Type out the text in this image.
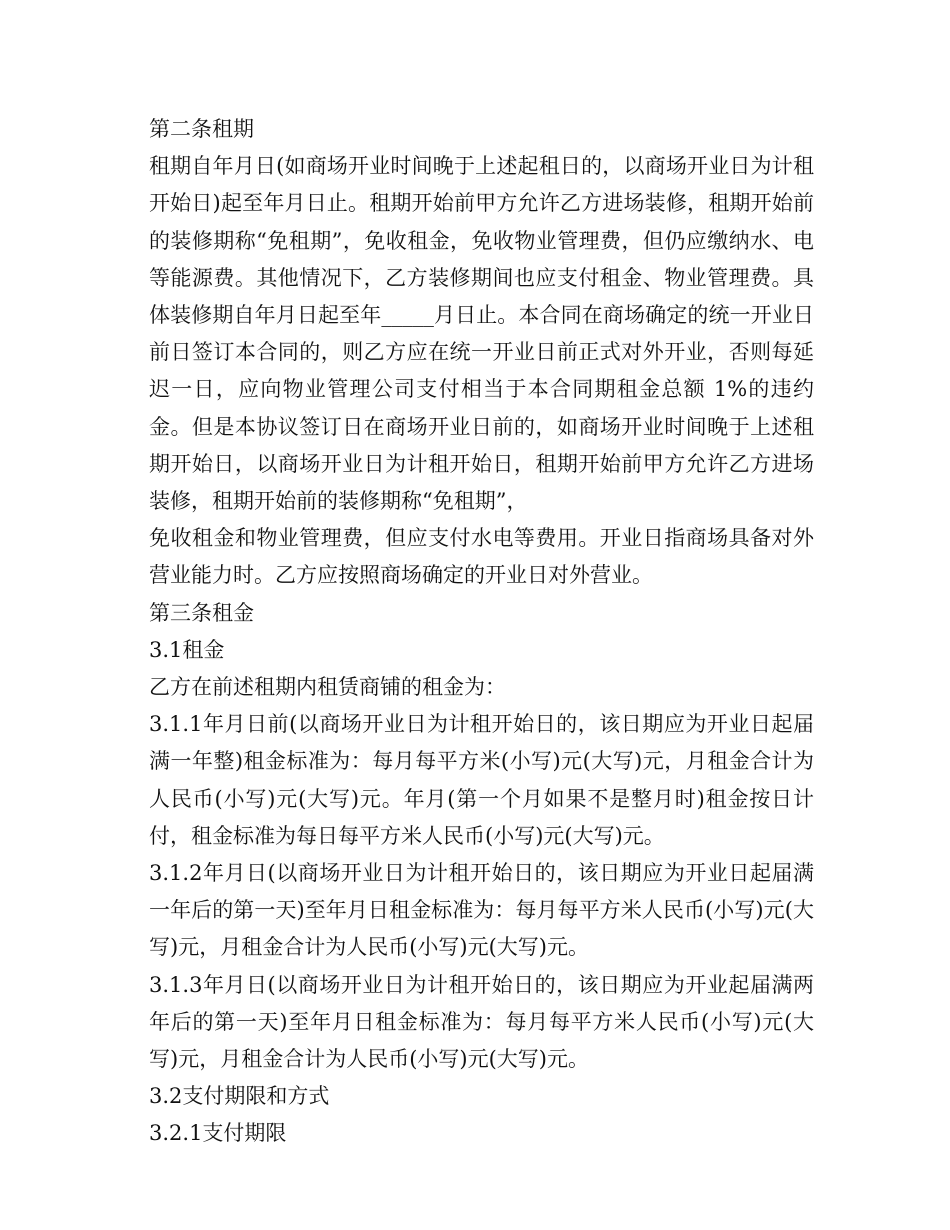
第二条租期

租期自年月日(如商场开业时间晚于上述起租日的，以商场开业日为计租开始日)起至年月日止。租期开始前甲方允许乙方进场装修，租期开始前的装修期称“免租期”，免收租金，免收物业管理费，但仍应缴纳水、电等能源费。其他情况下，乙方装修期间也应支付租金、物业管理费。具体装修期自年月日起至年_____月日止。本合同在商场确定的统一开业日前日签订本合同的，则乙方应在统一开业日前正式对外开业，否则每延迟一日，应向物业管理公司支付相当于本合同期租金总额 1%的违约金。但是本协议签订日在商场开业日前的，如商场开业时间晚于上述租期开始日，以商场开业日为计租开始日，租期开始前甲方允许乙方进场装修，租期开始前的装修期称“免租期”，

免收租金和物业管理费，但应支付水电等费用。开业日指商场具备对外营业能力时。乙方应按照商场确定的开业日对外营业。

第三条租金

3.1租金

乙方在前述租期内租赁商铺的租金为：

3.1.1年月日前(以商场开业日为计租开始日的，该日期应为开业日起届满一年整)租金标准为：每月每平方米(小写)元(大写)元，月租金合计为人民币(小写)元(大写)元。年月(第一个月如果不是整月时)租金按日计付，租金标准为每日每平方米人民币(小写)元(大写)元。

3.1.2年月日(以商场开业日为计租开始日的，该日期应为开业日起届满一年后的第一天)至年月日租金标准为：每月每平方米人民币(小写)元(大写)元，月租金合计为人民币(小写)元(大写)元。

3.1.3年月日(以商场开业日为计租开始日的，该日期应为开业起届满两年后的第一天)至年月日租金标准为：每月每平方米人民币(小写)元(大写)元，月租金合计为人民币(小写)元(大写)元。

3.2支付期限和方式

3.2.1支付期限
